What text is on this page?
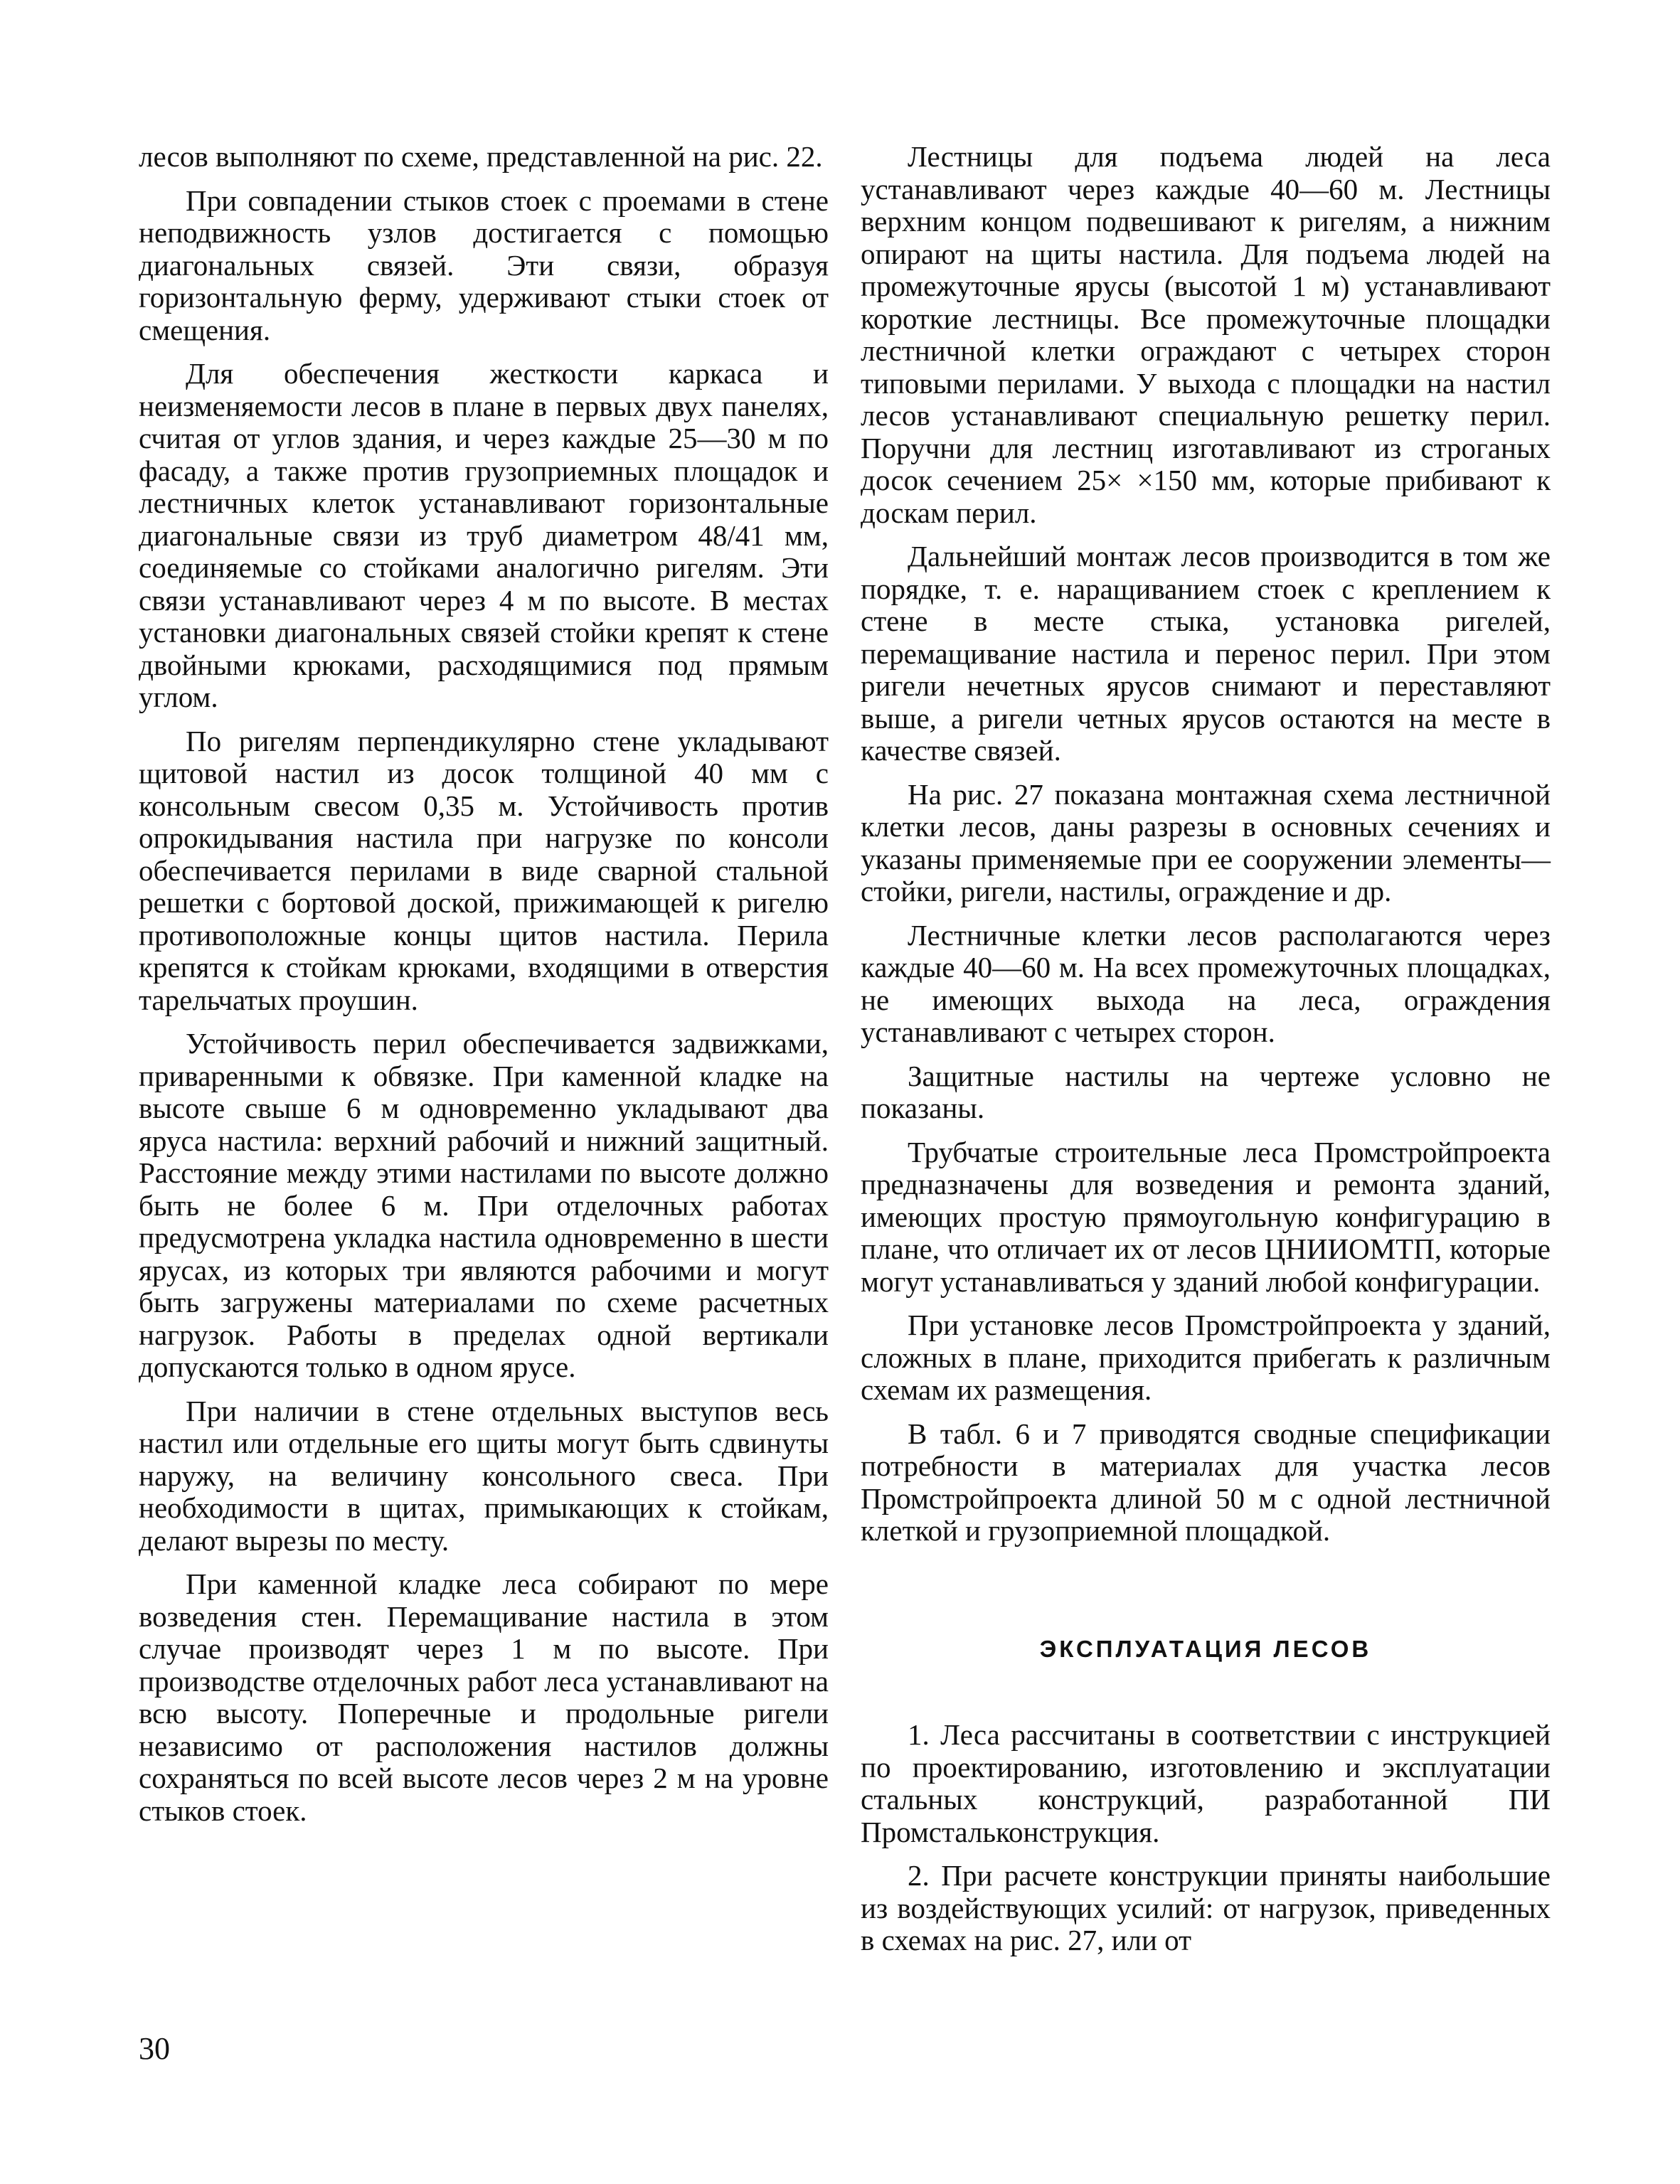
лесов выполняют по схеме, представленной на рис. 22.

При совпадении стыков стоек с проемами в стене неподвижность узлов достигается с помощью диагональных связей. Эти связи, образуя горизонтальную ферму, удерживают стыки стоек от смещения.

Для обеспечения жесткости каркаса и неизменяемости лесов в плане в первых двух панелях, считая от углов здания, и через каждые 25—30 м по фасаду, а также против грузоприемных площадок и лестничных клеток устанавливают горизонтальные диагональные связи из труб диаметром 48/41 мм, соединяемые со стойками аналогично ригелям. Эти связи устанавливают через 4 м по высоте. В местах установки диагональных связей стойки крепят к стене двойными крюками, расходящимися под прямым углом.

По ригелям перпендикулярно стене укладывают щитовой настил из досок толщиной 40 мм с консольным свесом 0,35 м. Устойчивость против опрокидывания настила при нагрузке по консоли обеспечивается перилами в виде сварной стальной решетки с бортовой доской, прижимающей к ригелю противоположные концы щитов настила. Перила крепятся к стойкам крюками, входящими в отверстия тарельчатых проушин.

Устойчивость перил обеспечивается задвижками, приваренными к обвязке. При каменной кладке на высоте свыше 6 м одновременно укладывают два яруса настила: верхний рабочий и нижний защитный. Расстояние между этими настилами по высоте должно быть не более 6 м. При отделочных работах предусмотрена укладка настила одновременно в шести ярусах, из которых три являются рабочими и могут быть загружены материалами по схеме расчетных нагрузок. Работы в пределах одной вертикали допускаются только в одном ярусе.

При наличии в стене отдельных выступов весь настил или отдельные его щиты могут быть сдвинуты наружу, на величину консольного свеса. При необходимости в щитах, примыкающих к стойкам, делают вырезы по месту.

При каменной кладке леса собирают по мере возведения стен. Перемащивание настила в этом случае производят через 1 м по высоте. При производстве отделочных работ леса устанавливают на всю высоту. Поперечные и продольные ригели независимо от расположения настилов должны сохраняться по всей высоте лесов через 2 м на уровне стыков стоек.

Лестницы для подъема людей на леса устанавливают через каждые 40—60 м. Лестницы верхним концом подвешивают к ригелям, а нижним опирают на щиты настила. Для подъема людей на промежуточные ярусы (высотой 1 м) устанавливают короткие лестницы. Все промежуточные площадки лестничной клетки ограждают с четырех сторон типовыми перилами. У выхода с площадки на настил лесов устанавливают специальную решетку перил. Поручни для лестниц изготавливают из строганых досок сечением 25× ×150 мм, которые прибивают к доскам перил.

Дальнейший монтаж лесов производится в том же порядке, т. е. наращиванием стоек с креплением к стене в месте стыка, установка ригелей, перемащивание настила и перенос перил. При этом ригели нечетных ярусов снимают и переставляют выше, а ригели четных ярусов остаются на месте в качестве связей.

На рис. 27 показана монтажная схема лестничной клетки лесов, даны разрезы в основных сечениях и указаны применяемые при ее сооружении элементы—стойки, ригели, настилы, ограждение и др.

Лестничные клетки лесов располагаются через каждые 40—60 м. На всех промежуточных площадках, не имеющих выхода на леса, ограждения устанавливают с четырех сторон.

Защитные настилы на чертеже условно не показаны.

Трубчатые строительные леса Промстройпроекта предназначены для возведения и ремонта зданий, имеющих простую прямоугольную конфигурацию в плане, что отличает их от лесов ЦНИИОМТП, которые могут устанавливаться у зданий любой конфигурации.

При установке лесов Промстройпроекта у зданий, сложных в плане, приходится прибегать к различным схемам их размещения.

В табл. 6 и 7 приводятся сводные спецификации потребности в материалах для участка лесов Промстройпроекта длиной 50 м с одной лестничной клеткой и грузоприемной площадкой.

ЭКСПЛУАТАЦИЯ ЛЕСОВ

1. Леса рассчитаны в соответствии с инструкцией по проектированию, изготовлению и эксплуатации стальных конструкций, разработанной ПИ Промстальконструкция.

2. При расчете конструкции приняты наибольшие из воздействующих усилий: от нагрузок, приведенных в схемах на рис. 27, или от

30
